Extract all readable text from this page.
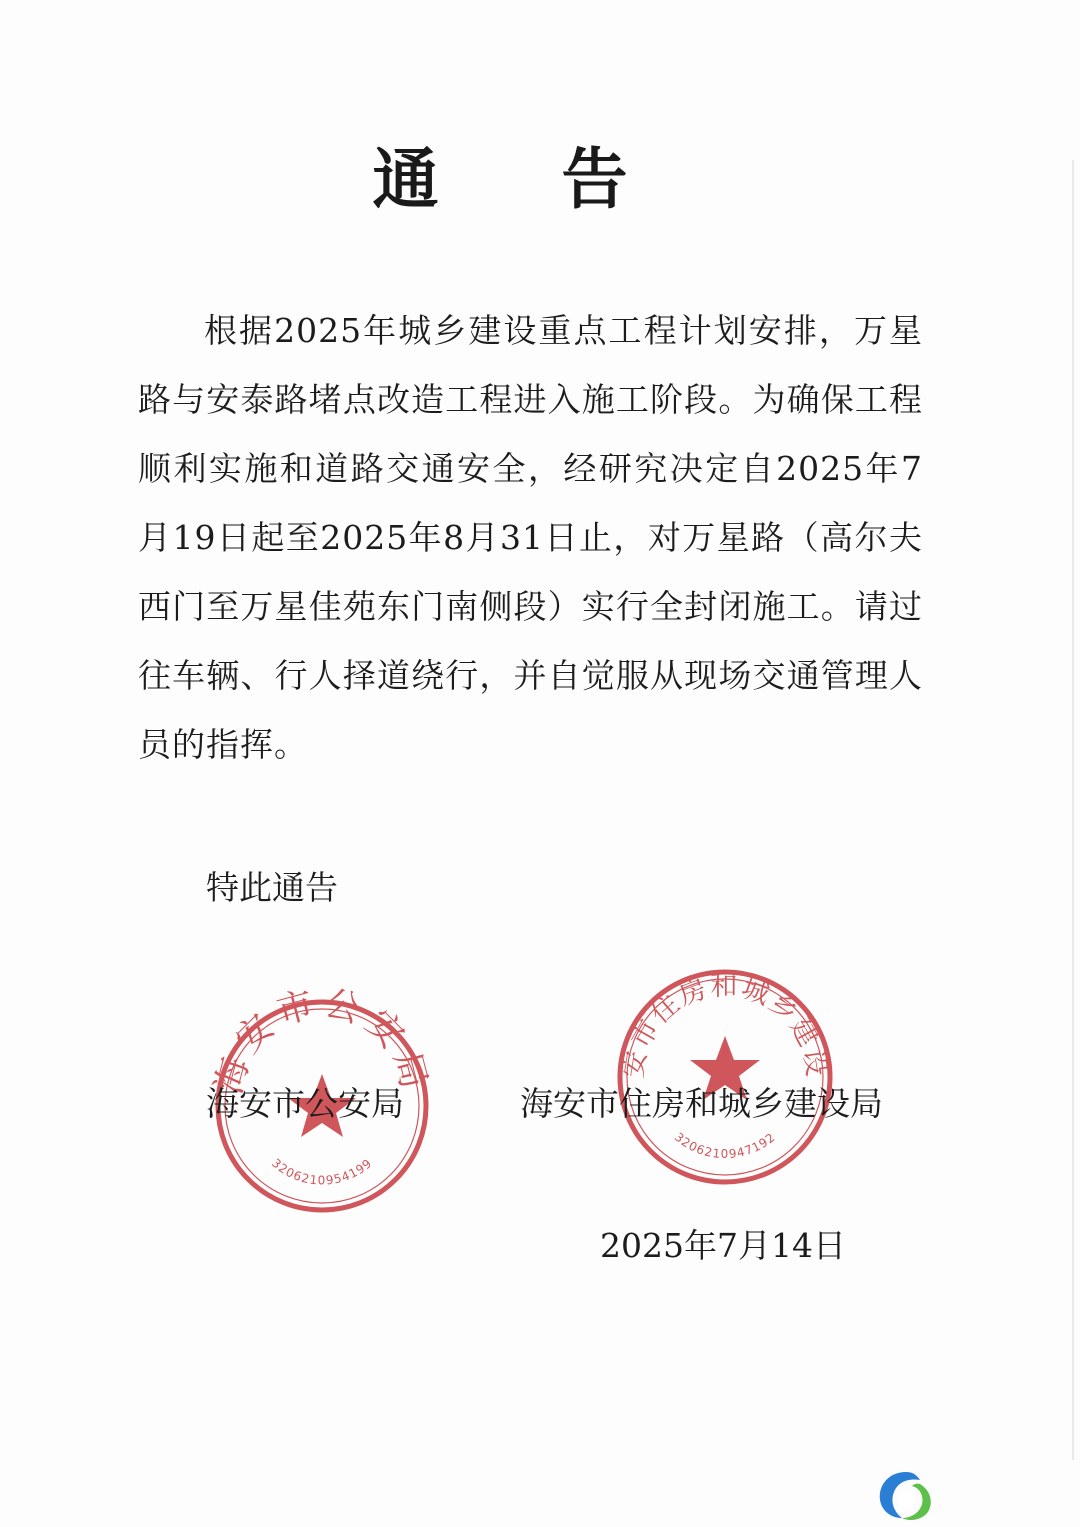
通 告
根据2025年城乡建设重点工程计划安排，万星路与安泰路堵点改造工程进入施工阶段。为确保工程顺利实施和道路交通安全，经研究决定自2025年7月19日起至2025年8月31日止，对万星路（高尔夫西门至万星佳苑东门南侧段）实行全封闭施工。请过往车辆、行人择道绕行，并自觉服从现场交通管理人员的指挥。
特此通告
海安市公安局
3206210954199
海安市住房和城乡建设局
3206210947192
海安市公安局	海安市住房和城乡建设局
2025年7月14日
